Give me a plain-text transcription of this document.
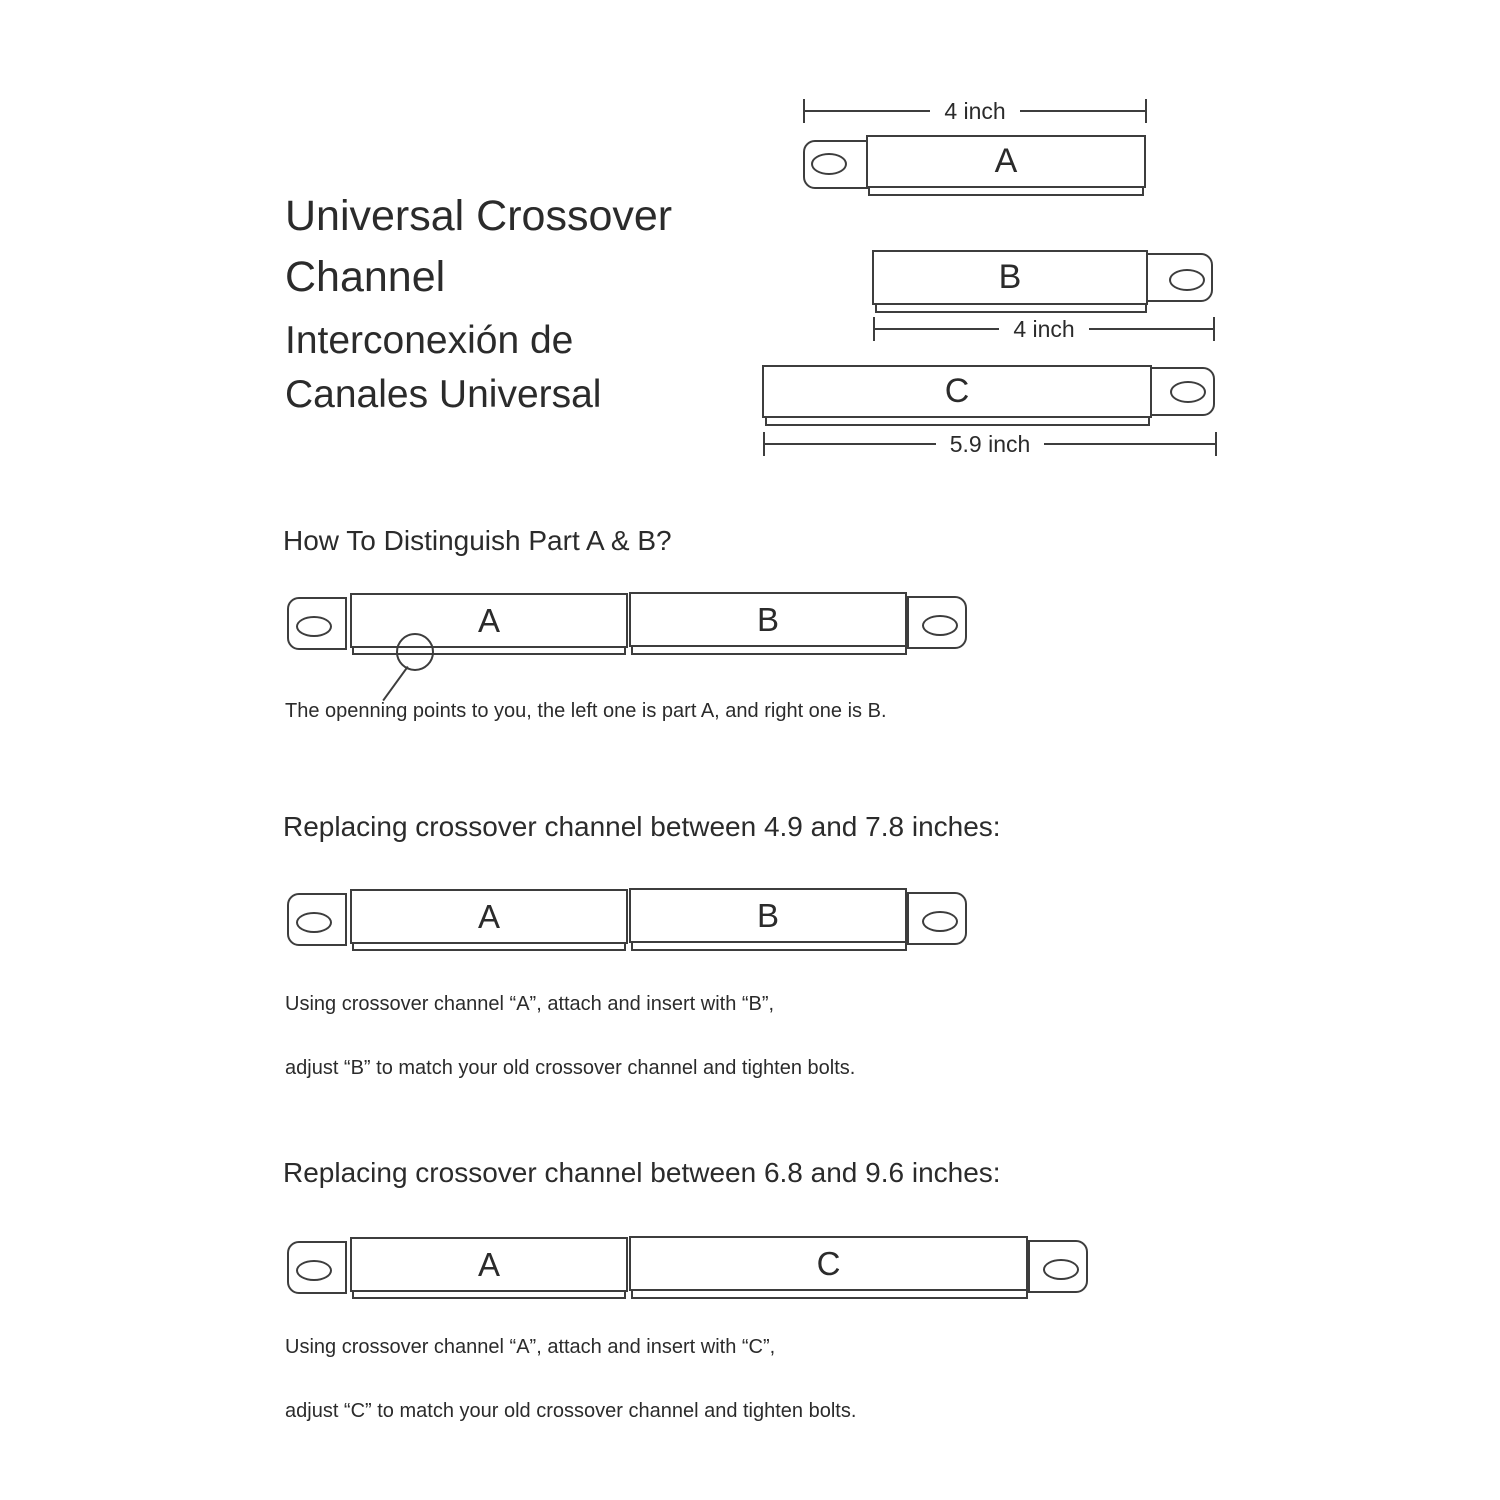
Universal Crossover
Channel
Interconexión de
Canales Universal
4 inch
A
B
4 inch
C
5.9 inch
How To Distinguish Part A & B?
A	B
The openning points to you, the left one is part A, and right one is B.
Replacing crossover channel between 4.9 and 7.8 inches:
A	B
Using crossover channel “A”, attach and insert with “B”,
adjust “B” to match your old crossover channel and tighten bolts.
Replacing crossover channel between 6.8 and 9.6 inches:
A	C
Using crossover channel “A”, attach and insert with “C”,
adjust “C” to match your old crossover channel and tighten bolts.
